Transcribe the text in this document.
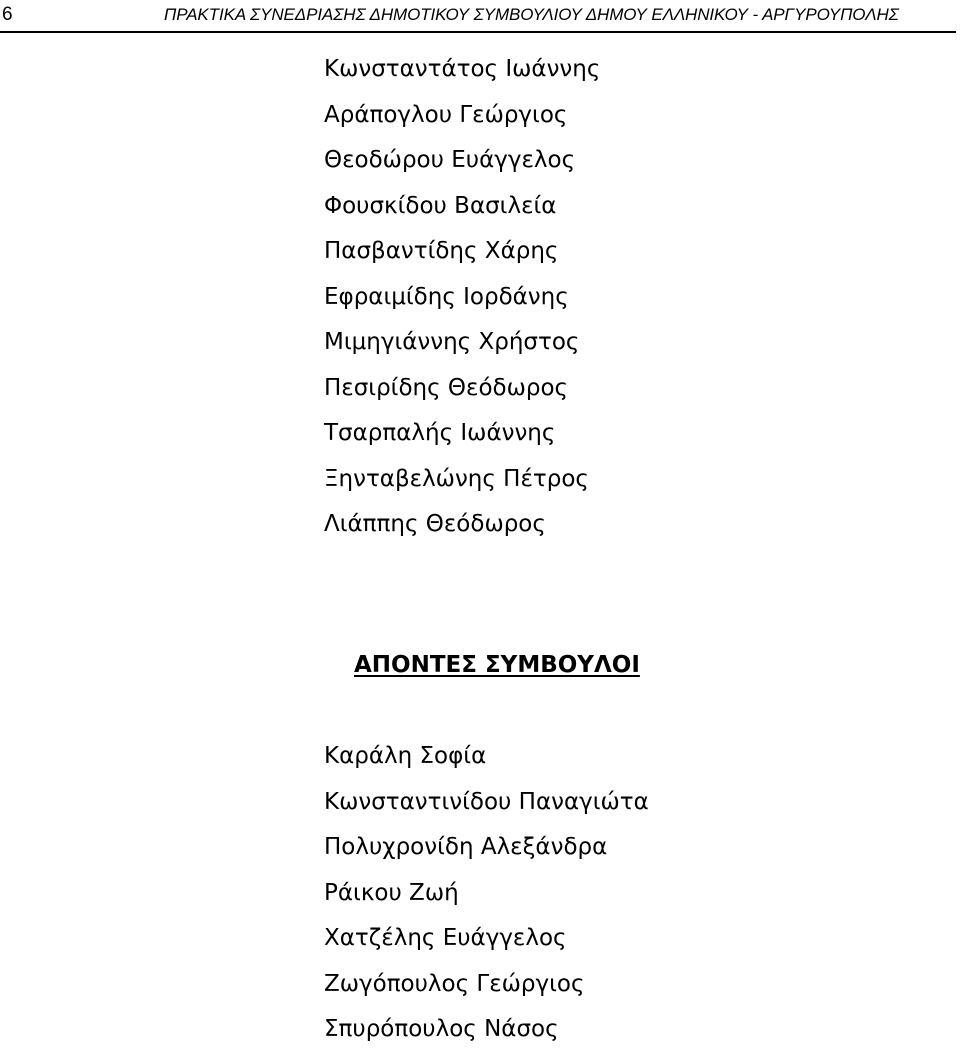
6	ΠΡΑΚΤΙΚΑ ΣΥΝΕΔΡΙΑΣΗΣ ΔΗΜΟΤΙΚΟΥ ΣΥΜΒΟΥΛΙΟΥ ΔΗΜΟΥ ΕΛΛΗΝΙΚΟΥ - ΑΡΓΥΡΟΥΠΟΛΗΣ
Κωνσταντάτος Ιωάννης
Αράπογλου Γεώργιος
Θεοδώρου Ευάγγελος
Φουσκίδου Βασιλεία
Πασβαντίδης Χάρης
Εφραιμίδης Ιορδάνης
Μιμηγιάννης Χρήστος
Πεσιρίδης Θεόδωρος
Τσαρπαλής Ιωάννης
Ξηνταβελώνης Πέτρος
Λιάππης Θεόδωρος
ΑΠΟΝΤΕΣ ΣΥΜΒΟΥΛΟΙ
Καράλη Σοφία
Κωνσταντινίδου Παναγιώτα
Πολυχρονίδη Αλεξάνδρα
Ράικου Ζωή
Χατζέλης Ευάγγελος
Ζωγόπουλος Γεώργιος
Σπυρόπουλος Νάσος
